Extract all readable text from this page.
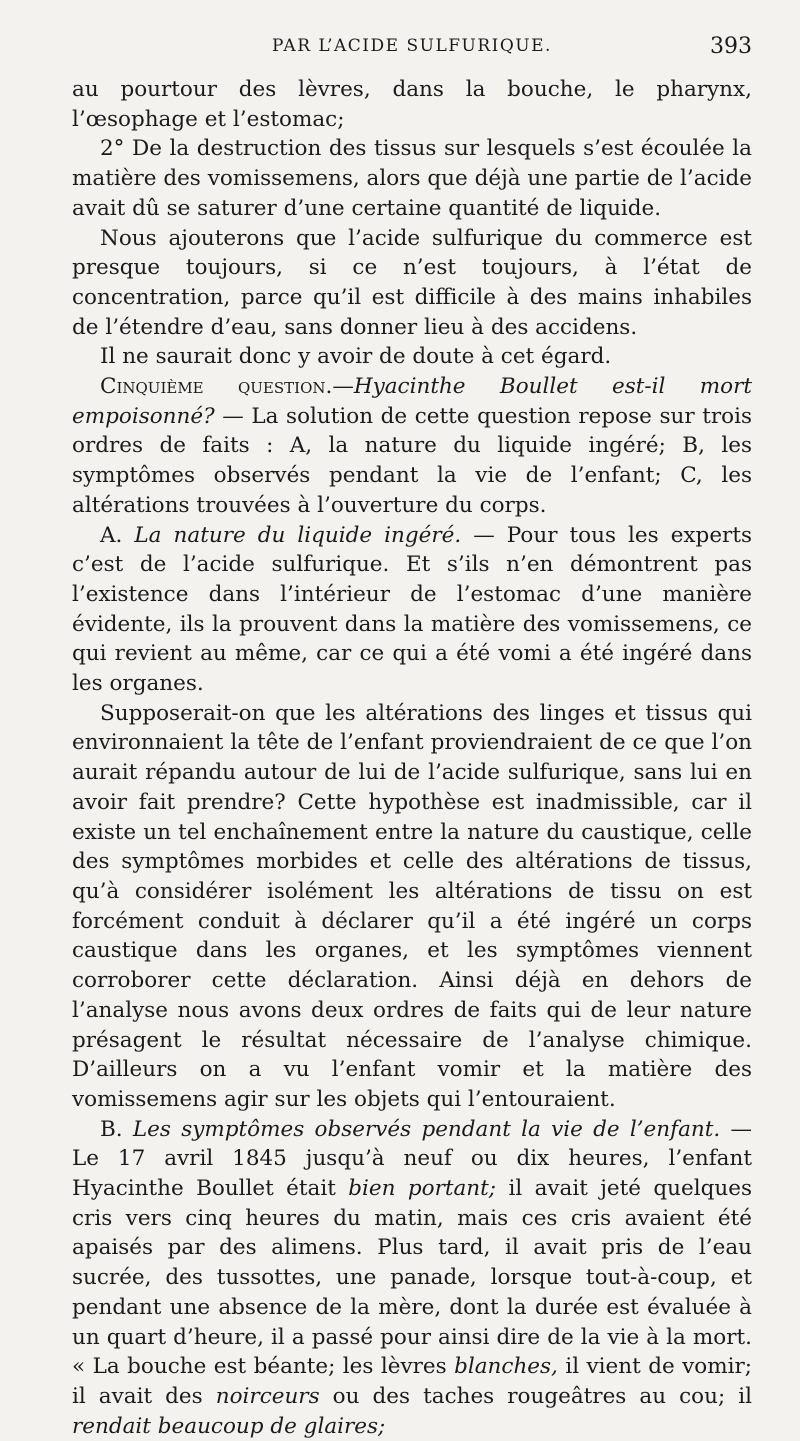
PAR L’ACIDE SULFURIQUE.	393

au pourtour des lèvres, dans la bouche, le pharynx, l’œsophage et l’estomac;

2° De la destruction des tissus sur lesquels s’est écoulée la matière des vomissemens, alors que déjà une partie de l’acide avait dû se saturer d’une certaine quantité de liquide.

Nous ajouterons que l’acide sulfurique du commerce est presque toujours, si ce n’est toujours, à l’état de concentration, parce qu’il est difficile à des mains inhabiles de l’étendre d’eau, sans donner lieu à des accidens.

Il ne saurait donc y avoir de doute à cet égard.

Cinquième question.—Hyacinthe Boullet est-il mort empoisonné? — La solution de cette question repose sur trois ordres de faits : A, la nature du liquide ingéré; B, les symptômes observés pendant la vie de l’enfant; C, les altérations trouvées à l’ouverture du corps.

A. La nature du liquide ingéré. — Pour tous les experts c’est de l’acide sulfurique. Et s’ils n’en démontrent pas l’existence dans l’intérieur de l’estomac d’une manière évidente, ils la prouvent dans la matière des vomissemens, ce qui revient au même, car ce qui a été vomi a été ingéré dans les organes.

Supposerait-on que les altérations des linges et tissus qui environnaient la tête de l’enfant proviendraient de ce que l’on aurait répandu autour de lui de l’acide sulfurique, sans lui en avoir fait prendre? Cette hypothèse est inadmissible, car il existe un tel enchaînement entre la nature du caustique, celle des symptômes morbides et celle des altérations de tissus, qu’à considérer isolément les altérations de tissu on est forcément conduit à déclarer qu’il a été ingéré un corps caustique dans les organes, et les symptômes viennent corroborer cette déclaration. Ainsi déjà en dehors de l’analyse nous avons deux ordres de faits qui de leur nature présagent le résultat nécessaire de l’analyse chimique. D’ailleurs on a vu l’enfant vomir et la matière des vomissemens agir sur les objets qui l’entouraient.

B. Les symptômes observés pendant la vie de l’enfant. — Le 17 avril 1845 jusqu’à neuf ou dix heures, l’enfant Hyacinthe Boullet était bien portant; il avait jeté quelques cris vers cinq heures du matin, mais ces cris avaient été apaisés par des alimens. Plus tard, il avait pris de l’eau sucrée, des tussottes, une panade, lorsque tout-à-coup, et pendant une absence de la mère, dont la durée est évaluée à un quart d’heure, il a passé pour ainsi dire de la vie à la mort. « La bouche est béante; les lèvres blanches, il vient de vomir; il avait des noirceurs ou des taches rougeâtres au cou; il rendait beaucoup de glaires;
